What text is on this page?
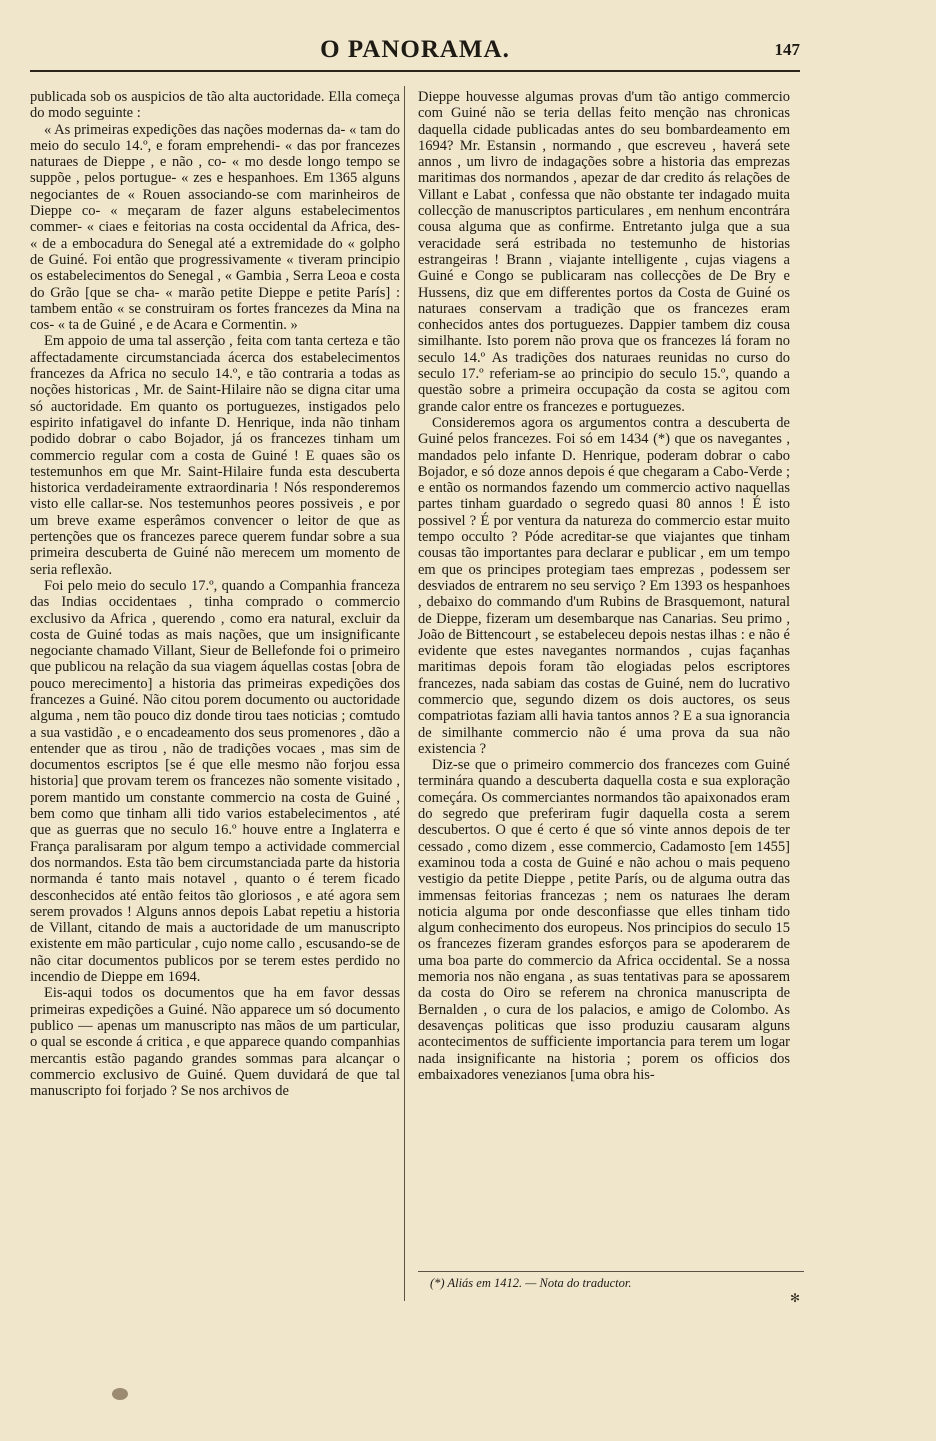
O PANORAMA.	147

publicada sob os auspicios de tão alta auctoridade. Ella começa do modo seguinte :

« As primeiras expedições das nações modernas da- « tam do meio do seculo 14.º, e foram emprehendi- « das por francezes naturaes de Dieppe , e não , co- « mo desde longo tempo se suppõe , pelos portugue- « zes e hespanhoes. Em 1365 alguns negociantes de « Rouen associando-se com marinheiros de Dieppe co- « meçaram de fazer alguns estabelecimentos commer- « ciaes e feitorias na costa occidental da Africa, des- « de a embocadura do Senegal até a extremidade do « golpho de Guiné. Foi então que progressivamente « tiveram principio os estabelecimentos do Senegal , « Gambia , Serra Leoa e costa do Grão [que se cha- « marão petite Dieppe e petite París] : tambem então « se construiram os fortes francezes da Mina na cos- « ta de Guiné , e de Acara e Cormentin. »

Em appoio de uma tal asserção , feita com tanta certeza e tão affectadamente circumstanciada ácerca dos estabelecimentos francezes da Africa no seculo 14.º, e tão contraria a todas as noções historicas , Mr. de Saint-Hilaire não se digna citar uma só auctoridade. Em quanto os portuguezes, instigados pelo espirito infatigavel do infante D. Henrique, inda não tinham podido dobrar o cabo Bojador, já os francezes tinham um commercio regular com a costa de Guiné ! E quaes são os testemunhos em que Mr. Saint-Hilaire funda esta descuberta historica verdadeiramente extraordinaria ! Nós responderemos visto elle callar-se. Nos testemunhos peores possiveis , e por um breve exame esperâmos convencer o leitor de que as pertenções que os francezes parece querem fundar sobre a sua primeira descuberta de Guiné não merecem um momento de seria reflexão.

Foi pelo meio do seculo 17.º, quando a Companhia franceza das Indias occidentaes , tinha comprado o commercio exclusivo da Africa , querendo , como era natural, excluir da costa de Guiné todas as mais nações, que um insignificante negociante chamado Villant, Sieur de Bellefonde foi o primeiro que publicou na relação da sua viagem áquellas costas [obra de pouco merecimento] a historia das primeiras expedições dos francezes a Guiné. Não citou porem documento ou auctoridade alguma , nem tão pouco diz donde tirou taes noticias ; comtudo a sua vastidão , e o encadeamento dos seus promenores , dão a entender que as tirou , não de tradições vocaes , mas sim de documentos escriptos [se é que elle mesmo não forjou essa historia] que provam terem os francezes não somente visitado , porem mantido um constante commercio na costa de Guiné , bem como que tinham alli tido varios estabelecimentos , até que as guerras que no seculo 16.º houve entre a Inglaterra e França paralisaram por algum tempo a actividade commercial dos normandos. Esta tão bem circumstanciada parte da historia normanda é tanto mais notavel , quanto o é terem ficado desconhecidos até então feitos tão gloriosos , e até agora sem serem provados ! Alguns annos depois Labat repetiu a historia de Villant, citando de mais a auctoridade de um manuscripto existente em mão particular , cujo nome callo , escusando-se de não citar documentos publicos por se terem estes perdido no incendio de Dieppe em 1694.

Eis-aqui todos os documentos que ha em favor dessas primeiras expedições a Guiné. Não apparece um só documento publico — apenas um manuscripto nas mãos de um particular, o qual se esconde á critica , e que apparece quando companhias mercantis estão pagando grandes sommas para alcançar o commercio exclusivo de Guiné. Quem duvidará de que tal manuscripto foi forjado ? Se nos archivos de

Dieppe houvesse algumas provas d'um tão antigo commercio com Guiné não se teria dellas feito menção nas chronicas daquella cidade publicadas antes do seu bombardeamento em 1694? Mr. Estansin , normando , que escreveu , haverá sete annos , um livro de indagações sobre a historia das emprezas maritimas dos normandos , apezar de dar credito ás relações de Villant e Labat , confessa que não obstante ter indagado muita collecção de manuscriptos particulares , em nenhum encontrára cousa alguma que as confirme. Entretanto julga que a sua veracidade será estribada no testemunho de historias estrangeiras ! Brann , viajante intelligente , cujas viagens a Guiné e Congo se publicaram nas collecções de De Bry e Hussens, diz que em differentes portos da Costa de Guiné os naturaes conservam a tradição que os francezes eram conhecidos antes dos portuguezes. Dappier tambem diz cousa similhante. Isto porem não prova que os francezes lá foram no seculo 14.º As tradições dos naturaes reunidas no curso do seculo 17.º referiam-se ao principio do seculo 15.º, quando a questão sobre a primeira occupação da costa se agitou com grande calor entre os francezes e portuguezes.

Consideremos agora os argumentos contra a descuberta de Guiné pelos francezes. Foi só em 1434 (*) que os navegantes , mandados pelo infante D. Henrique, poderam dobrar o cabo Bojador, e só doze annos depois é que chegaram a Cabo-Verde ; e então os normandos fazendo um commercio activo naquellas partes tinham guardado o segredo quasi 80 annos ! É isto possivel ? É por ventura da natureza do commercio estar muito tempo occulto ? Póde acreditar-se que viajantes que tinham cousas tão importantes para declarar e publicar , em um tempo em que os principes protegiam taes emprezas , podessem ser desviados de entrarem no seu serviço ? Em 1393 os hespanhoes , debaixo do commando d'um Rubins de Brasquemont, natural de Dieppe, fizeram um desembarque nas Canarias. Seu primo , João de Bittencourt , se estabeleceu depois nestas ilhas : e não é evidente que estes navegantes normandos , cujas façanhas maritimas depois foram tão elogiadas pelos escriptores francezes, nada sabiam das costas de Guiné, nem do lucrativo commercio que, segundo dizem os dois auctores, os seus compatriotas faziam alli havia tantos annos ? E a sua ignorancia de similhante commercio não é uma prova da sua não existencia ?

Diz-se que o primeiro commercio dos francezes com Guiné terminára quando a descuberta daquella costa e sua exploração começára. Os commerciantes normandos tão apaixonados eram do segredo que preferiram fugir daquella costa a serem descubertos. O que é certo é que só vinte annos depois de ter cessado , como dizem , esse commercio, Cadamosto [em 1455] examinou toda a costa de Guiné e não achou o mais pequeno vestigio da petite Dieppe , petite París, ou de alguma outra das immensas feitorias francezas ; nem os naturaes lhe deram noticia alguma por onde desconfiasse que elles tinham tido algum conhecimento dos europeus. Nos principios do seculo 15 os francezes fizeram grandes esforços para se apoderarem de uma boa parte do commercio da Africa occidental. Se a nossa memoria nos não engana , as suas tentativas para se apossarem da costa do Oiro se referem na chronica manuscripta de Bernalden , o cura de los palacios, e amigo de Colombo. As desavenças politicas que isso produziu causaram alguns acontecimentos de sufficiente importancia para terem um logar nada insignificante na historia ; porem os officios dos embaixadores venezianos [uma obra his-

(*) Aliás em 1412. — Nota do traductor.
✻
